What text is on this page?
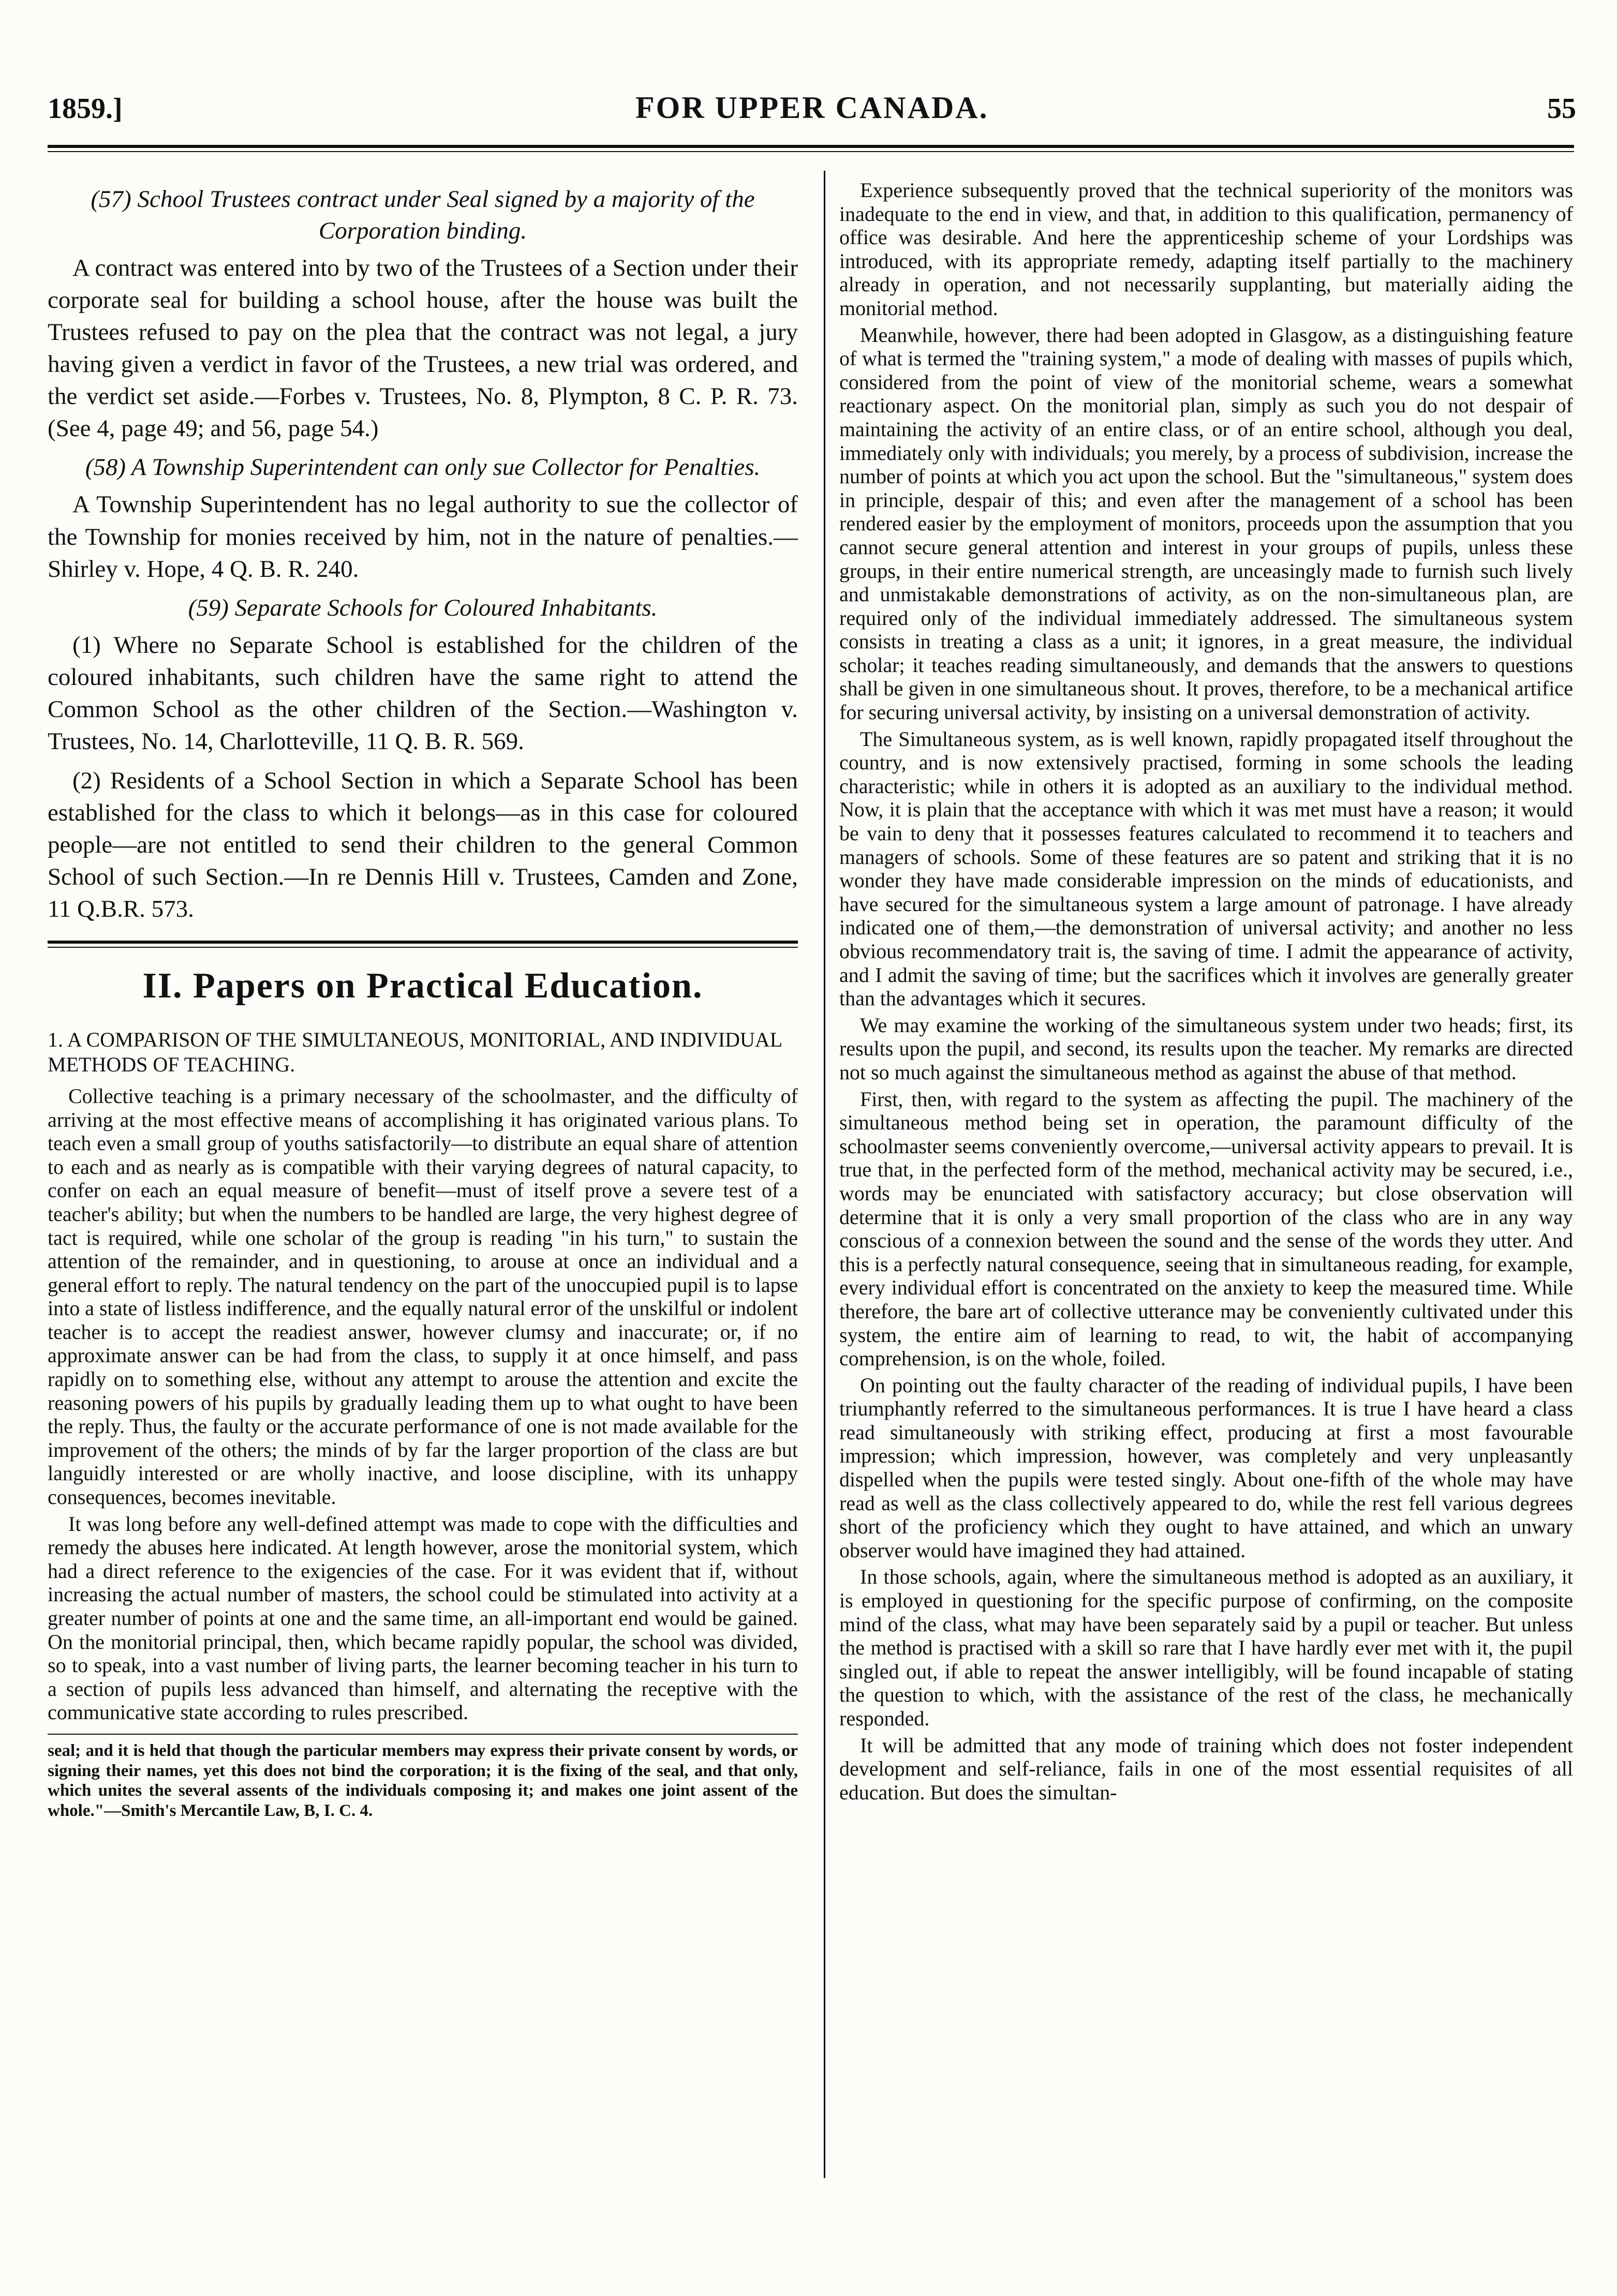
1859.]	FOR UPPER CANADA.	55
(57) School Trustees contract under Seal signed by a majority of the Corporation binding.

A contract was entered into by two of the Trustees of a Section under their corporate seal for building a school house, after the house was built the Trustees refused to pay on the plea that the contract was not legal, a jury having given a verdict in favor of the Trustees, a new trial was ordered, and the verdict set aside.—Forbes v. Trustees, No. 8, Plympton, 8 C. P. R. 73. (See 4, page 49; and 56, page 54.)

(58) A Township Superintendent can only sue Collector for Penalties.

A Township Superintendent has no legal authority to sue the collector of the Township for monies received by him, not in the nature of penalties.—Shirley v. Hope, 4 Q. B. R. 240.

(59) Separate Schools for Coloured Inhabitants.

(1) Where no Separate School is established for the children of the coloured inhabitants, such children have the same right to attend the Common School as the other children of the Section.—Washington v. Trustees, No. 14, Charlotteville, 11 Q. B. R. 569.

(2) Residents of a School Section in which a Separate School has been established for the class to which it belongs—as in this case for coloured people—are not entitled to send their children to the general Common School of such Section.—In re Dennis Hill v. Trustees, Camden and Zone, 11 Q.B.R. 573.

II. Papers on Practical Education.
1. A COMPARISON OF THE SIMULTANEOUS, MONITORIAL, AND INDIVIDUAL METHODS OF TEACHING.

Collective teaching is a primary necessary of the schoolmaster, and the difficulty of arriving at the most effective means of accomplishing it has originated various plans. To teach even a small group of youths satisfactorily—to distribute an equal share of attention to each and as nearly as is compatible with their varying degrees of natural capacity, to confer on each an equal measure of benefit—must of itself prove a severe test of a teacher's ability; but when the numbers to be handled are large, the very highest degree of tact is required, while one scholar of the group is reading "in his turn," to sustain the attention of the remainder, and in questioning, to arouse at once an individual and a general effort to reply. The natural tendency on the part of the unoccupied pupil is to lapse into a state of listless indifference, and the equally natural error of the unskilful or indolent teacher is to accept the readiest answer, however clumsy and inaccurate; or, if no approximate answer can be had from the class, to supply it at once himself, and pass rapidly on to something else, without any attempt to arouse the attention and excite the reasoning powers of his pupils by gradually leading them up to what ought to have been the reply. Thus, the faulty or the accurate performance of one is not made available for the improvement of the others; the minds of by far the larger proportion of the class are but languidly interested or are wholly inactive, and loose discipline, with its unhappy consequences, becomes inevitable.

It was long before any well-defined attempt was made to cope with the difficulties and remedy the abuses here indicated. At length however, arose the monitorial system, which had a direct reference to the exigencies of the case. For it was evident that if, without increasing the actual number of masters, the school could be stimulated into activity at a greater number of points at one and the same time, an all-important end would be gained. On the monitorial principal, then, which became rapidly popular, the school was divided, so to speak, into a vast number of living parts, the learner becoming teacher in his turn to a section of pupils less advanced than himself, and alternating the receptive with the communicative state according to rules prescribed.

seal; and it is held that though the particular members may express their private consent by words, or signing their names, yet this does not bind the corporation; it is the fixing of the seal, and that only, which unites the several assents of the individuals composing it; and makes one joint assent of the whole."—Smith's Mercantile Law, B, I. C. 4.

Experience subsequently proved that the technical superiority of the monitors was inadequate to the end in view, and that, in addition to this qualification, permanency of office was desirable. And here the apprenticeship scheme of your Lordships was introduced, with its appropriate remedy, adapting itself partially to the machinery already in operation, and not necessarily supplanting, but materially aiding the monitorial method.

Meanwhile, however, there had been adopted in Glasgow, as a distinguishing feature of what is termed the "training system," a mode of dealing with masses of pupils which, considered from the point of view of the monitorial scheme, wears a somewhat reactionary aspect. On the monitorial plan, simply as such you do not despair of maintaining the activity of an entire class, or of an entire school, although you deal, immediately only with individuals; you merely, by a process of subdivision, increase the number of points at which you act upon the school. But the "simultaneous," system does in principle, despair of this; and even after the management of a school has been rendered easier by the employment of monitors, proceeds upon the assumption that you cannot secure general attention and interest in your groups of pupils, unless these groups, in their entire numerical strength, are unceasingly made to furnish such lively and unmistakable demonstrations of activity, as on the non-simultaneous plan, are required only of the individual immediately addressed. The simultaneous system consists in treating a class as a unit; it ignores, in a great measure, the individual scholar; it teaches reading simultaneously, and demands that the answers to questions shall be given in one simultaneous shout. It proves, therefore, to be a mechanical artifice for securing universal activity, by insisting on a universal demonstration of activity.

The Simultaneous system, as is well known, rapidly propagated itself throughout the country, and is now extensively practised, forming in some schools the leading characteristic; while in others it is adopted as an auxiliary to the individual method. Now, it is plain that the acceptance with which it was met must have a reason; it would be vain to deny that it possesses features calculated to recommend it to teachers and managers of schools. Some of these features are so patent and striking that it is no wonder they have made considerable impression on the minds of educationists, and have secured for the simultaneous system a large amount of patronage. I have already indicated one of them,—the demonstration of universal activity; and another no less obvious recommendatory trait is, the saving of time. I admit the appearance of activity, and I admit the saving of time; but the sacrifices which it involves are generally greater than the advantages which it secures.

We may examine the working of the simultaneous system under two heads; first, its results upon the pupil, and second, its results upon the teacher. My remarks are directed not so much against the simultaneous method as against the abuse of that method.

First, then, with regard to the system as affecting the pupil. The machinery of the simultaneous method being set in operation, the paramount difficulty of the schoolmaster seems conveniently overcome,—universal activity appears to prevail. It is true that, in the perfected form of the method, mechanical activity may be secured, i.e., words may be enunciated with satisfactory accuracy; but close observation will determine that it is only a very small proportion of the class who are in any way conscious of a connexion between the sound and the sense of the words they utter. And this is a perfectly natural consequence, seeing that in simultaneous reading, for example, every individual effort is concentrated on the anxiety to keep the measured time. While therefore, the bare art of collective utterance may be conveniently cultivated under this system, the entire aim of learning to read, to wit, the habit of accompanying comprehension, is on the whole, foiled.

On pointing out the faulty character of the reading of individual pupils, I have been triumphantly referred to the simultaneous performances. It is true I have heard a class read simultaneously with striking effect, producing at first a most favourable impression; which impression, however, was completely and very unpleasantly dispelled when the pupils were tested singly. About one-fifth of the whole may have read as well as the class collectively appeared to do, while the rest fell various degrees short of the proficiency which they ought to have attained, and which an unwary observer would have imagined they had attained.

In those schools, again, where the simultaneous method is adopted as an auxiliary, it is employed in questioning for the specific purpose of confirming, on the composite mind of the class, what may have been separately said by a pupil or teacher. But unless the method is practised with a skill so rare that I have hardly ever met with it, the pupil singled out, if able to repeat the answer intelligibly, will be found incapable of stating the question to which, with the assistance of the rest of the class, he mechanically responded.

It will be admitted that any mode of training which does not foster independent development and self-reliance, fails in one of the most essential requisites of all education. But does the simultan-
